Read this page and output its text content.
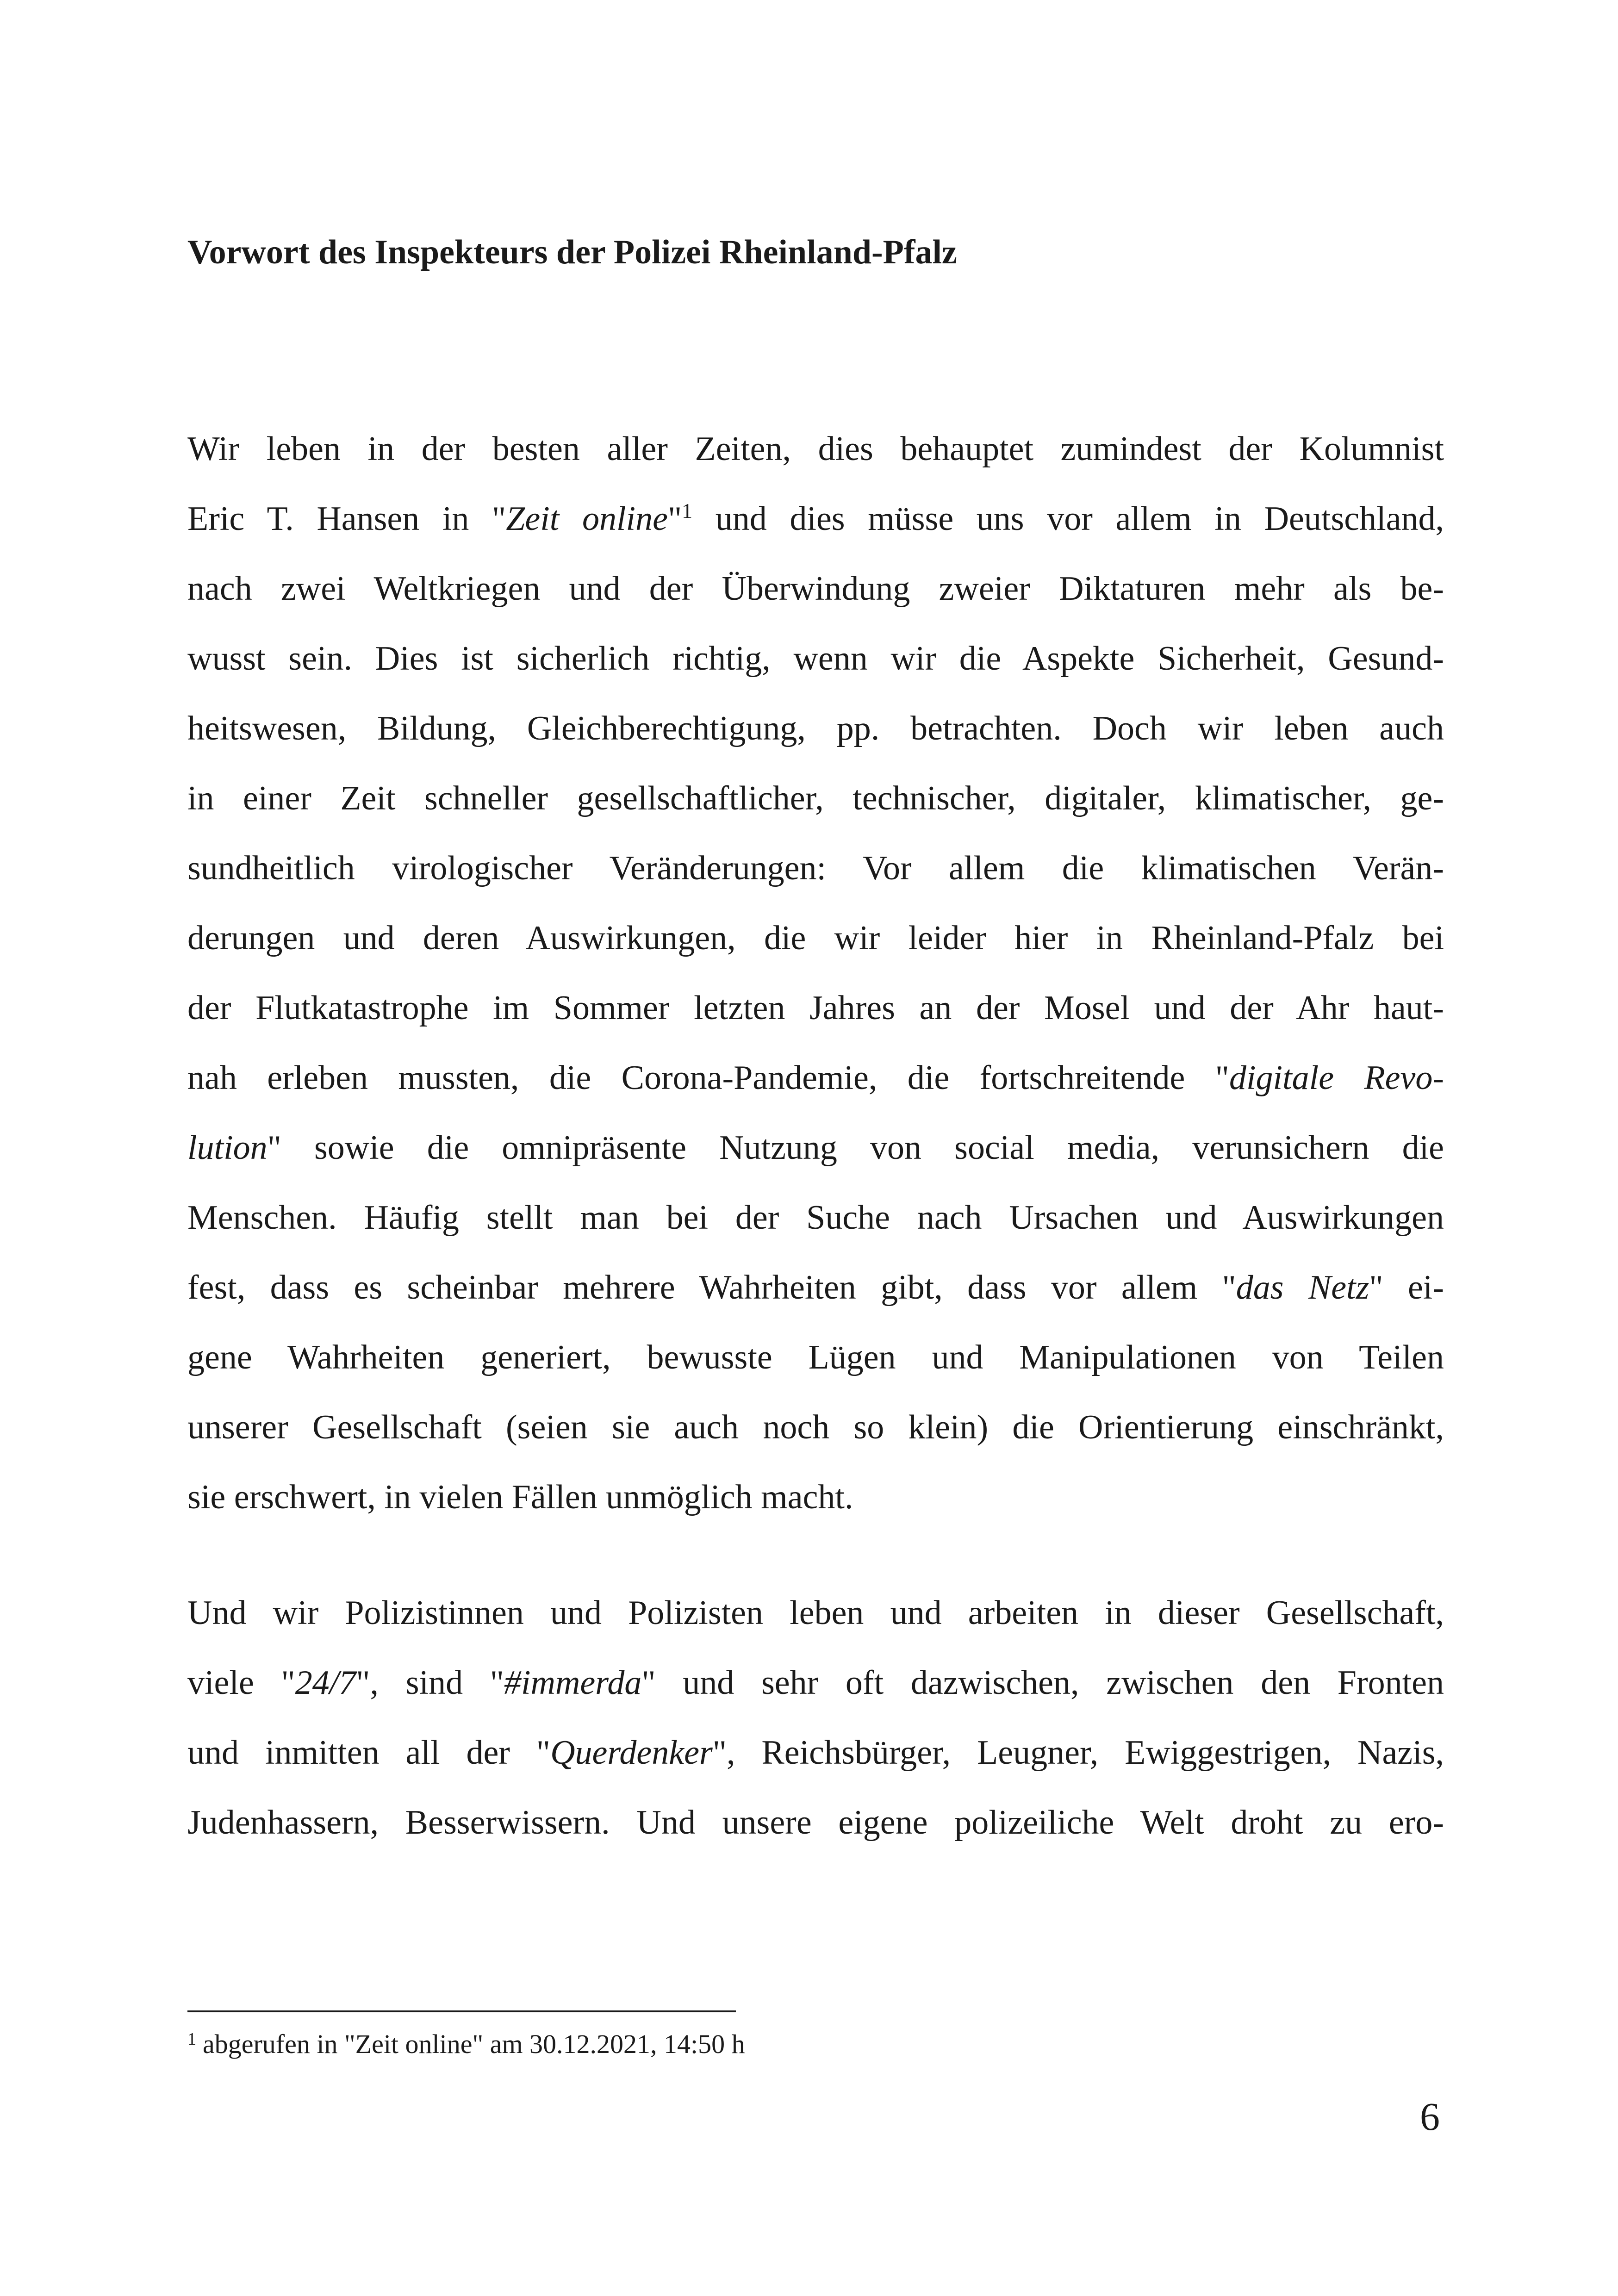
Vorwort des Inspekteurs der Polizei Rheinland-Pfalz

Wir leben in der besten aller Zeiten, dies behauptet zumindest der Kolumnist
Eric T. Hansen in "Zeit online"$^1$ und dies müsse uns vor allem in Deutschland,
nach zwei Weltkriegen und der Überwindung zweier Diktaturen mehr als be-
wusst sein. Dies ist sicherlich richtig, wenn wir die Aspekte Sicherheit, Gesund-
heitswesen, Bildung, Gleichberechtigung, pp. betrachten. Doch wir leben auch
in einer Zeit schneller gesellschaftlicher, technischer, digitaler, klimatischer, ge-
sundheitlich virologischer Veränderungen: Vor allem die klimatischen Verän-
derungen und deren Auswirkungen, die wir leider hier in Rheinland-Pfalz bei
der Flutkatastrophe im Sommer letzten Jahres an der Mosel und der Ahr haut-
nah erleben mussten, die Corona-Pandemie, die fortschreitende "digitale Revo-
lution" sowie die omnipräsente Nutzung von social media, verunsichern die
Menschen. Häufig stellt man bei der Suche nach Ursachen und Auswirkungen
fest, dass es scheinbar mehrere Wahrheiten gibt, dass vor allem "das Netz" ei-
gene Wahrheiten generiert, bewusste Lügen und Manipulationen von Teilen
unserer Gesellschaft (seien sie auch noch so klein) die Orientierung einschränkt,
sie erschwert, in vielen Fällen unmöglich macht.

Und wir Polizistinnen und Polizisten leben und arbeiten in dieser Gesellschaft,
viele "24/7", sind "#immerda" und sehr oft dazwischen, zwischen den Fronten
und inmitten all der "Querdenker", Reichsbürger, Leugner, Ewiggestrigen, Nazis,
Judenhassern, Besserwissern. Und unsere eigene polizeiliche Welt droht zu ero-

$^1$ abgerufen in "Zeit online" am 30.12.2021, 14:50 h

6
